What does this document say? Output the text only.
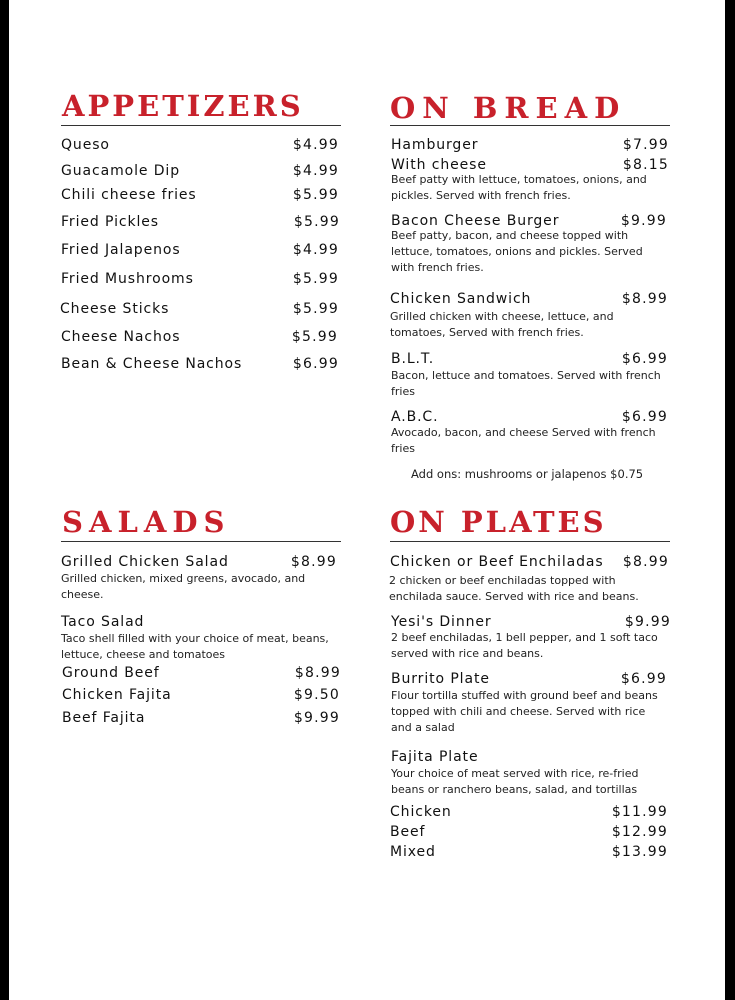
APPETIZERS
Queso	$4.99
Guacamole Dip	$4.99
Chili cheese fries	$5.99
Fried Pickles	$5.99
Fried Jalapenos	$4.99
Fried Mushrooms	$5.99
Cheese Sticks	$5.99
Cheese Nachos	$5.99
Bean & Cheese Nachos	$6.99
ON BREAD
Hamburger	$7.99
With cheese	$8.15
Beef patty with lettuce, tomatoes, onions, and pickles. Served with french fries.
Bacon Cheese Burger	$9.99
Beef patty, bacon, and cheese topped with lettuce, tomatoes, onions and pickles. Served with french fries.
Chicken Sandwich	$8.99
Grilled chicken with cheese, lettuce, and tomatoes, Served with french fries.
B.L.T.	$6.99
Bacon, lettuce and tomatoes. Served with french fries
A.B.C.	$6.99
Avocado, bacon, and cheese Served with french fries
Add ons: mushrooms or jalapenos $0.75
SALADS
Grilled Chicken Salad	$8.99
Grilled chicken, mixed greens, avocado, and cheese.
Taco Salad
Taco shell filled with your choice of meat, beans, lettuce, cheese and tomatoes
Ground Beef	$8.99
Chicken Fajita	$9.50
Beef Fajita	$9.99
ON PLATES
Chicken or Beef Enchiladas $8.99
2 chicken or beef enchiladas topped with enchilada sauce. Served with rice and beans.
Yesi's Dinner	$9.99
2 beef enchiladas, 1 bell pepper, and 1 soft taco served with rice and beans.
Burrito Plate	$6.99
Flour tortilla stuffed with ground beef and beans topped with chili and cheese. Served with rice and a salad
Fajita Plate
Your choice of meat served with rice, re-fried beans or ranchero beans, salad, and tortillas
Chicken	$11.99
Beef	$12.99
Mixed	$13.99
